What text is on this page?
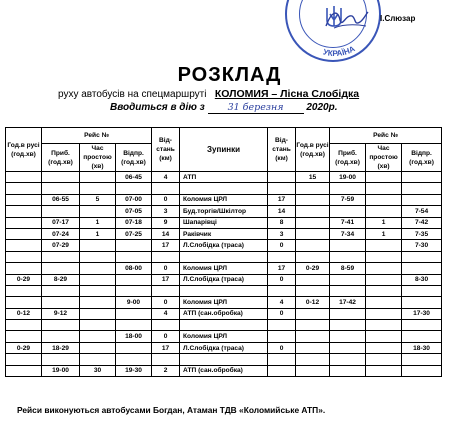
УКРАЇНА
І.Слюзар
РОЗКЛАД
руху автобусів на спецмаршруті КОЛОМИЯ – Лісна Слобідка
Вводиться в дію з 31 березня 2020р.
Год.в русі (год.хв)	Рейс №			Від- стань (км)	Зупинки	Від- стань (км)	Год.в русі (год.хв)	Рейс №		
	Приб. (год.хв)	Час простою (хв)	Відпр. (год.хв)					Приб. (год.хв)	Час простою (хв)	Відпр. (год.хв)
			06-45	4	АТП		15	19-00		

	06-55	5	07-00	0	Коломия ЦРЛ	17		7-59		
			07-05	3	Буд.торгів/Шкілтор	14				7-54
	07-17	1	07-18	9	Шапарівці	8		7-41	1	7-42
	07-24	1	07-25	14	Раківчик	3		7-34	1	7-35
	07-29			17	Л.Слобідка (траса)	0				7-30

			08-00	0	Коломия ЦРЛ	17	0-29	8-59		
0-29	8-29			17	Л.Слобідка (траса)	0				8-30

			9-00	0	Коломия ЦРЛ	4	0-12	17-42		
0-12	9-12			4	АТП (сан.обробка)	0				17-30

			18-00	0	Коломия ЦРЛ					
0-29	18-29			17	Л.Слобідка (траса)	0				18-30

	19-00	30	19-30	2	АТП (сан.обробка)					
Рейси виконуються автобусами Богдан, Атаман ТДВ «Коломийське АТП».
